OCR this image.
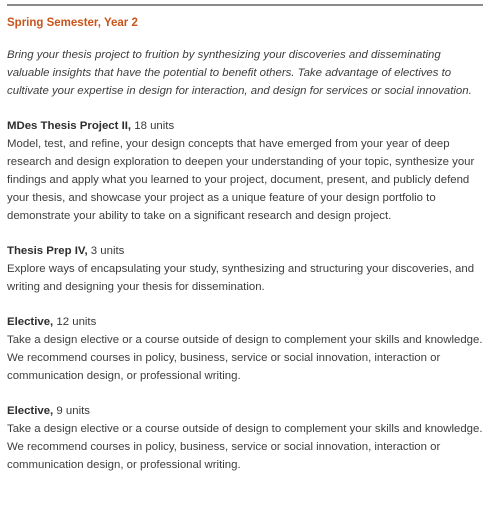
Spring Semester, Year 2

Bring your thesis project to fruition by synthesizing your discoveries and disseminating valuable insights that have the potential to benefit others. Take advantage of electives to cultivate your expertise in design for interaction, and design for services or social innovation.

MDes Thesis Project II, 18 units
Model, test, and refine, your design concepts that have emerged from your year of deep research and design exploration to deepen your understanding of your topic, synthesize your findings and apply what you learned to your project, document, present, and publicly defend your thesis, and showcase your project as a unique feature of your design portfolio to demonstrate your ability to take on a significant research and design project.
Thesis Prep IV, 3 units
Explore ways of encapsulating your study, synthesizing and structuring your discoveries, and writing and designing your thesis for dissemination.
Elective, 12 units
Take a design elective or a course outside of design to complement your skills and knowledge. We recommend courses in policy, business, service or social innovation, interaction or communication design, or professional writing.
Elective, 9 units
Take a design elective or a course outside of design to complement your skills and knowledge. We recommend courses in policy, business, service or social innovation, interaction or communication design, or professional writing.
